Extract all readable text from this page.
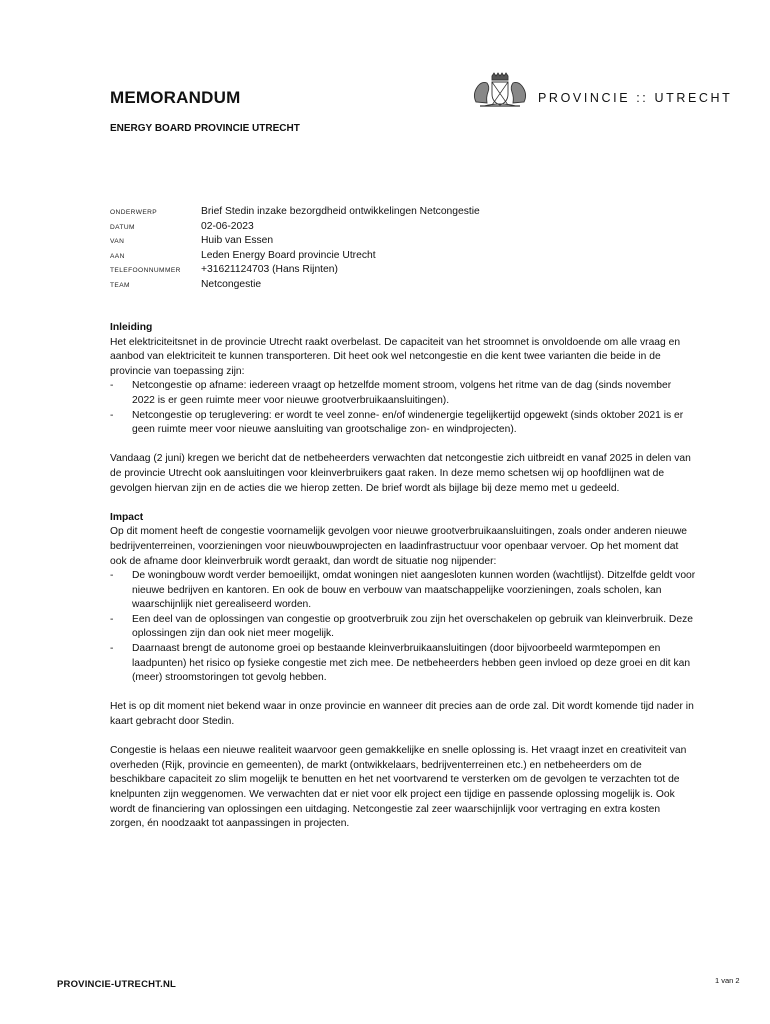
MEMORANDUM
ENERGY BOARD PROVINCIE UTRECHT
PROVINCIE :: UTRECHT
ONDERWERP	Brief Stedin inzake bezorgdheid ontwikkelingen Netcongestie
DATUM	02-06-2023
VAN	Huib van Essen
AAN	Leden Energy Board provincie Utrecht
TELEFOONNUMMER +31621124703 (Hans Rijnten)
TEAM	Netcongestie
Inleiding

Het elektriciteitsnet in de provincie Utrecht raakt overbelast. De capaciteit van het stroomnet is onvoldoende om alle vraag en aanbod van elektriciteit te kunnen transporteren. Dit heet ook wel netcongestie en die kent twee varianten die beide in de provincie van toepassing zijn:

- Netcongestie op afname: iedereen vraagt op hetzelfde moment stroom, volgens het ritme van de dag (sinds november 2022 is er geen ruimte meer voor nieuwe grootverbruikaansluitingen).
- Netcongestie op teruglevering: er wordt te veel zonne- en/of windenergie tegelijkertijd opgewekt (sinds oktober 2021 is er geen ruimte meer voor nieuwe aansluiting van grootschalige zon- en windprojecten).

Vandaag (2 juni) kregen we bericht dat de netbeheerders verwachten dat netcongestie zich uitbreidt en vanaf 2025 in delen van de provincie Utrecht ook aansluitingen voor kleinverbruikers gaat raken. In deze memo schetsen wij op hoofdlijnen wat de gevolgen hiervan zijn en de acties die we hierop zetten. De brief wordt als bijlage bij deze memo met u gedeeld.

Impact

Op dit moment heeft de congestie voornamelijk gevolgen voor nieuwe grootverbruikaansluitingen, zoals onder anderen nieuwe bedrijventerreinen, voorzieningen voor nieuwbouwprojecten en laadinfrastructuur voor openbaar vervoer. Op het moment dat ook de afname door kleinverbruik wordt geraakt, dan wordt de situatie nog nijpender:

- De woningbouw wordt verder bemoeilijkt, omdat woningen niet aangesloten kunnen worden (wachtlijst). Ditzelfde geldt voor nieuwe bedrijven en kantoren. En ook de bouw en verbouw van maatschappelijke voorzieningen, zoals scholen, kan waarschijnlijk niet gerealiseerd worden.
- Een deel van de oplossingen van congestie op grootverbruik zou zijn het overschakelen op gebruik van kleinverbruik. Deze oplossingen zijn dan ook niet meer mogelijk.
- Daarnaast brengt de autonome groei op bestaande kleinverbruikaansluitingen (door bijvoorbeeld warmtepompen en laadpunten) het risico op fysieke congestie met zich mee. De netbeheerders hebben geen invloed op deze groei en dit kan (meer) stroomstoringen tot gevolg hebben.

Het is op dit moment niet bekend waar in onze provincie en wanneer dit precies aan de orde zal. Dit wordt komende tijd nader in kaart gebracht door Stedin.

Congestie is helaas een nieuwe realiteit waarvoor geen gemakkelijke en snelle oplossing is. Het vraagt inzet en creativiteit van overheden (Rijk, provincie en gemeenten), de markt (ontwikkelaars, bedrijventerreinen etc.) en netbeheerders om de beschikbare capaciteit zo slim mogelijk te benutten en het net voortvarend te versterken om de gevolgen te verzachten tot de knelpunten zijn weggenomen. We verwachten dat er niet voor elk project een tijdige en passende oplossing mogelijk is. Ook wordt de financiering van oplossingen een uitdaging. Netcongestie zal zeer waarschijnlijk voor vertraging en extra kosten zorgen, én noodzaakt tot aanpassingen in projecten.

PROVINCIE-UTRECHT.NL	1 van 2
